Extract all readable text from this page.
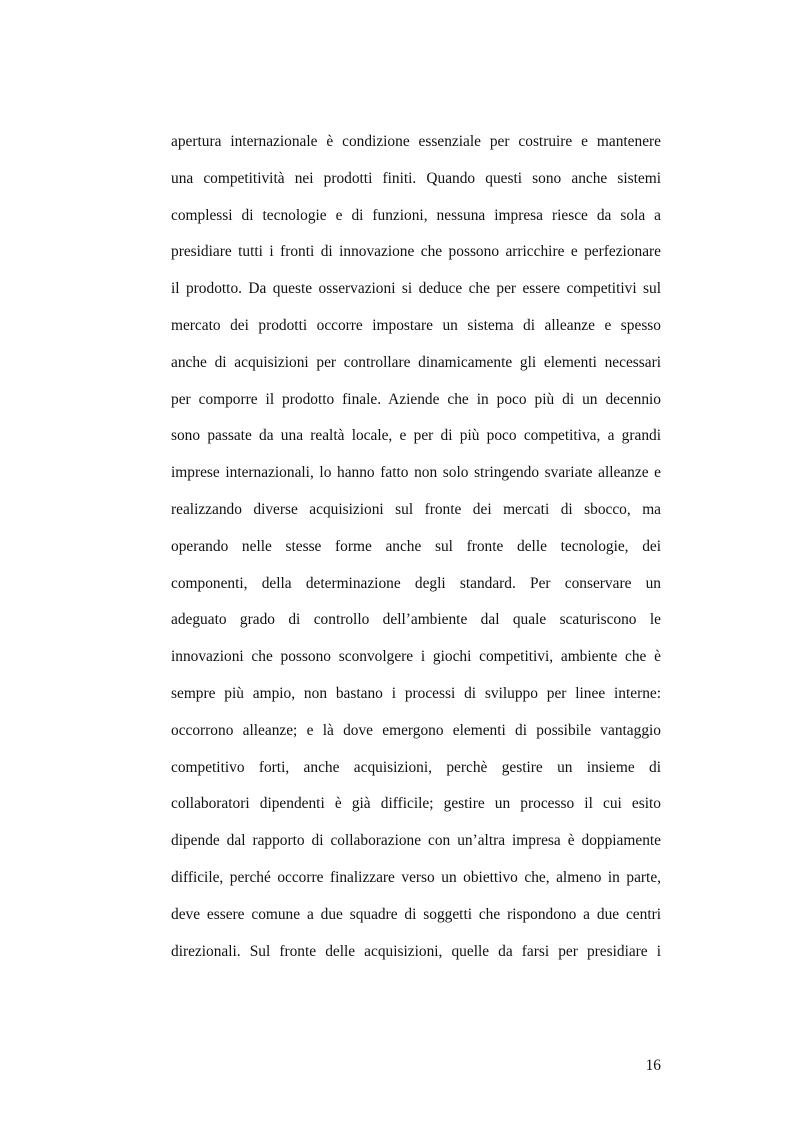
apertura internazionale è condizione essenziale per costruire e mantenere
una competitività nei prodotti finiti. Quando questi sono anche sistemi
complessi di tecnologie e di funzioni, nessuna impresa riesce da sola a
presidiare tutti i fronti di innovazione che possono arricchire e perfezionare
il prodotto. Da queste osservazioni si deduce che per essere competitivi sul
mercato dei prodotti occorre impostare un sistema di alleanze e spesso
anche di acquisizioni per controllare dinamicamente gli elementi necessari
per comporre il prodotto finale. Aziende che in poco più di un decennio
sono passate da una realtà locale, e per di più poco competitiva, a grandi
imprese internazionali, lo hanno fatto non solo stringendo svariate alleanze e
realizzando diverse acquisizioni sul fronte dei mercati di sbocco, ma
operando nelle stesse forme anche sul fronte delle tecnologie, dei
componenti, della determinazione degli standard. Per conservare un
adeguato grado di controllo dell’ambiente dal quale scaturiscono le
innovazioni che possono sconvolgere i giochi competitivi, ambiente che è
sempre più ampio, non bastano i processi di sviluppo per linee interne:
occorrono alleanze; e là dove emergono elementi di possibile vantaggio
competitivo forti, anche acquisizioni, perchè gestire un insieme di
collaboratori dipendenti è già difficile; gestire un processo il cui esito
dipende dal rapporto di collaborazione con un’altra impresa è doppiamente
difficile, perché occorre finalizzare verso un obiettivo che, almeno in parte,
deve essere comune a due squadre di soggetti che rispondono a due centri
direzionali. Sul fronte delle acquisizioni, quelle da farsi per presidiare i
16
